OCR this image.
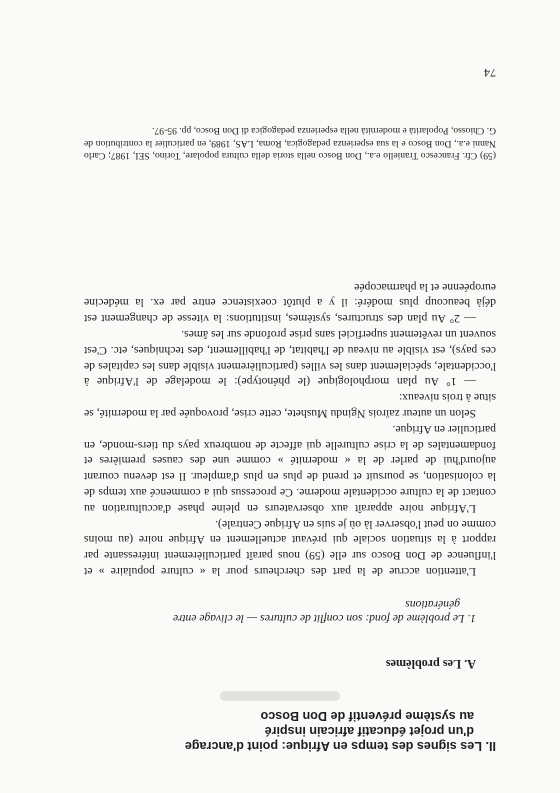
II. Les signes des temps en Afrique: point d'ancrage
d'un projet éducatif africain inspiré
au système préventif de Don Bosco
A. Les problèmes
1. Le problème de fond: son conflit de cultures — le clivage entre
générations

L'attention accrue de la part des chercheurs pour la « culture populaire » et l'influence de Don Bosco sur elle (59) nous paraît particulièrement intéressante par rapport à la situation sociale qui prévaut actuellement en Afrique noire (au moins comme on peut l'observer là où je suis en Afrique Centrale).

L'Afrique noire apparaît aux observateurs en pleine phase d'acculturation au contact de la culture occidentale moderne. Ce processus qui a commencé aux temps de la colonisation, se poursuit et prend de plus en plus d'ampleur. Il est devenu courant aujourd'hui de parler de la « modernité » comme une des causes premières et fondamentales de la crise culturelle qui affecte de nombreux pays du tiers-monde, en particulier en Afrique.

Selon un auteur zaïrois Ngindu Mushete, cette crise, provoquée par la modernité, se situe à trois niveaux:

— 1° Au plan morphologique (le phénotype): le modelage de l'Afrique à l'occidentale, spécialement dans les villes (particulièrement visible dans les capitales de ces pays), est visible au niveau de l'habitat, de l'habillement, des techniques, etc. C'est souvent un revêtement superficiel sans prise profonde sur les âmes.

— 2° Au plan des structures, systèmes, institutions: la vitesse de changement est déjà beaucoup plus modéré: il y a plutôt coexistence entre par ex. la médecine européenne et la pharmacopée

(59) Cfr. Francesco Traniello e.a., Don Bosco nella storia della cultura popolare, Torino, SEI, 1987; Carlo Nanni e.a., Don Bosco e la sua esperienza pedagogica, Roma, LAS, 1989, en particulier la contribution de G. Chiosso, Popolarità e modernità nella esperienza pedagogica di Don Bosco, pp. 95-97.
74
